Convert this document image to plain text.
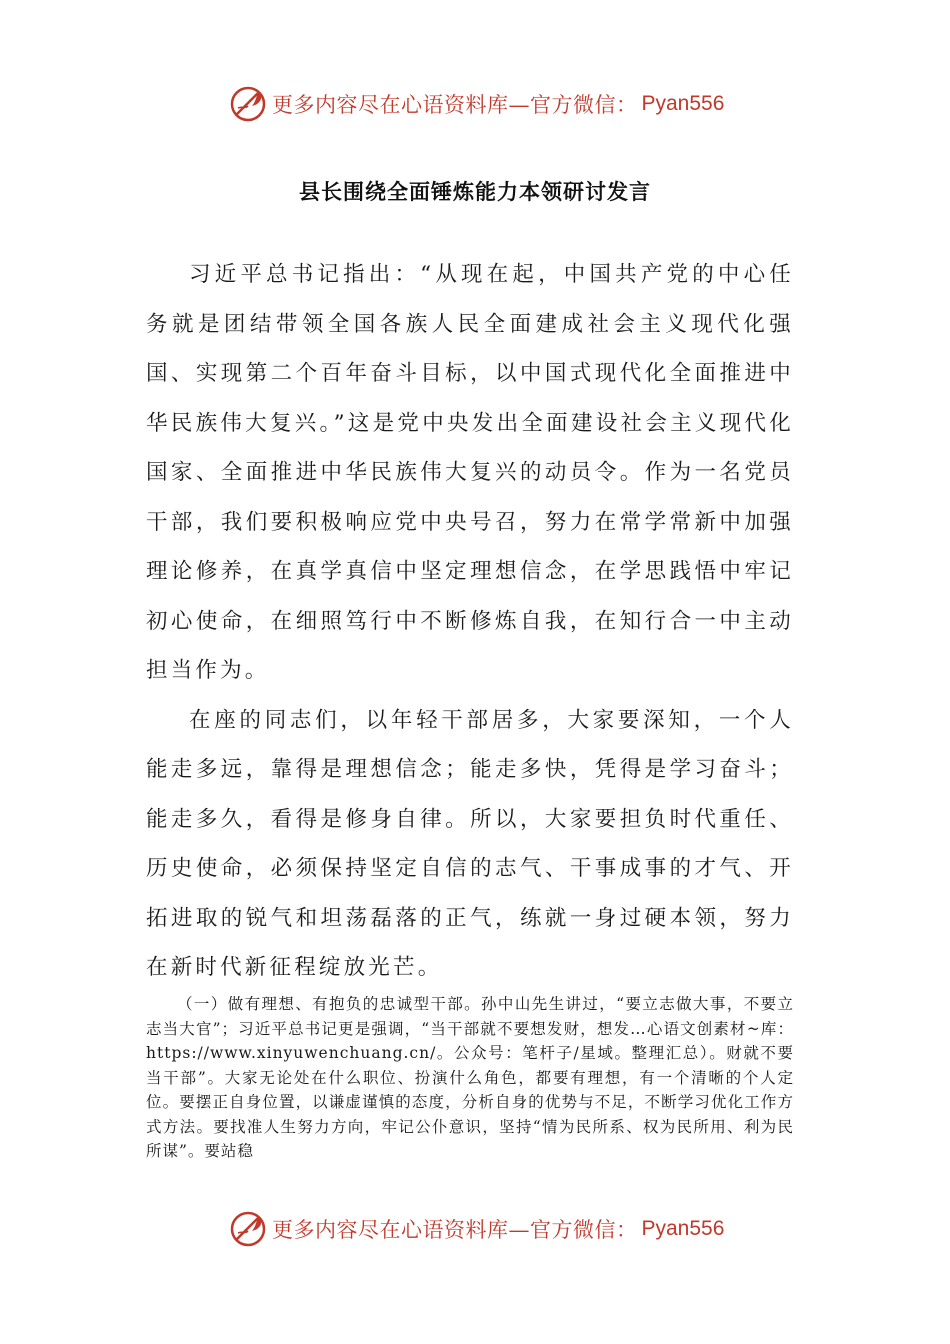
更多内容尽在心语资料库—官方微信： Pyan556
县长围绕全面锤炼能力本领研讨发言

习近平总书记指出：“从现在起，中国共产党的中心任务就是团结带领全国各族人民全面建成社会主义现代化强国、实现第二个百年奋斗目标，以中国式现代化全面推进中华民族伟大复兴。”这是党中央发出全面建设社会主义现代化国家、全面推进中华民族伟大复兴的动员令。作为一名党员干部，我们要积极响应党中央号召，努力在常学常新中加强理论修养，在真学真信中坚定理想信念，在学思践悟中牢记初心使命，在细照笃行中不断修炼自我，在知行合一中主动担当作为。

在座的同志们，以年轻干部居多，大家要深知，一个人能走多远，靠得是理想信念；能走多快，凭得是学习奋斗；能走多久，看得是修身自律。所以，大家要担负时代重任、历史使命，必须保持坚定自信的志气、干事成事的才气、开拓进取的锐气和坦荡磊落的正气，练就一身过硬本领，努力在新时代新征程绽放光芒。

（一）做有理想、有抱负的忠诚型干部。孙中山先生讲过，“要立志做大事，不要立志当大官”；习近平总书记更是强调，“当干部就不要想发财，想发…心语文创素材~库：https://www.xinyuwenchuang.cn/。公众号：笔杆子/星域。整理汇总）。财就不要当干部”。大家无论处在什么职位、扮演什么角色，都要有理想，有一个清晰的个人定位。要摆正自身位置，以谦虚谨慎的态度，分析自身的优势与不足，不断学习优化工作方式方法。要找准人生努力方向，牢记公仆意识，坚持“情为民所系、权为民所用、利为民所谋”。要站稳

更多内容尽在心语资料库—官方微信： Pyan556
